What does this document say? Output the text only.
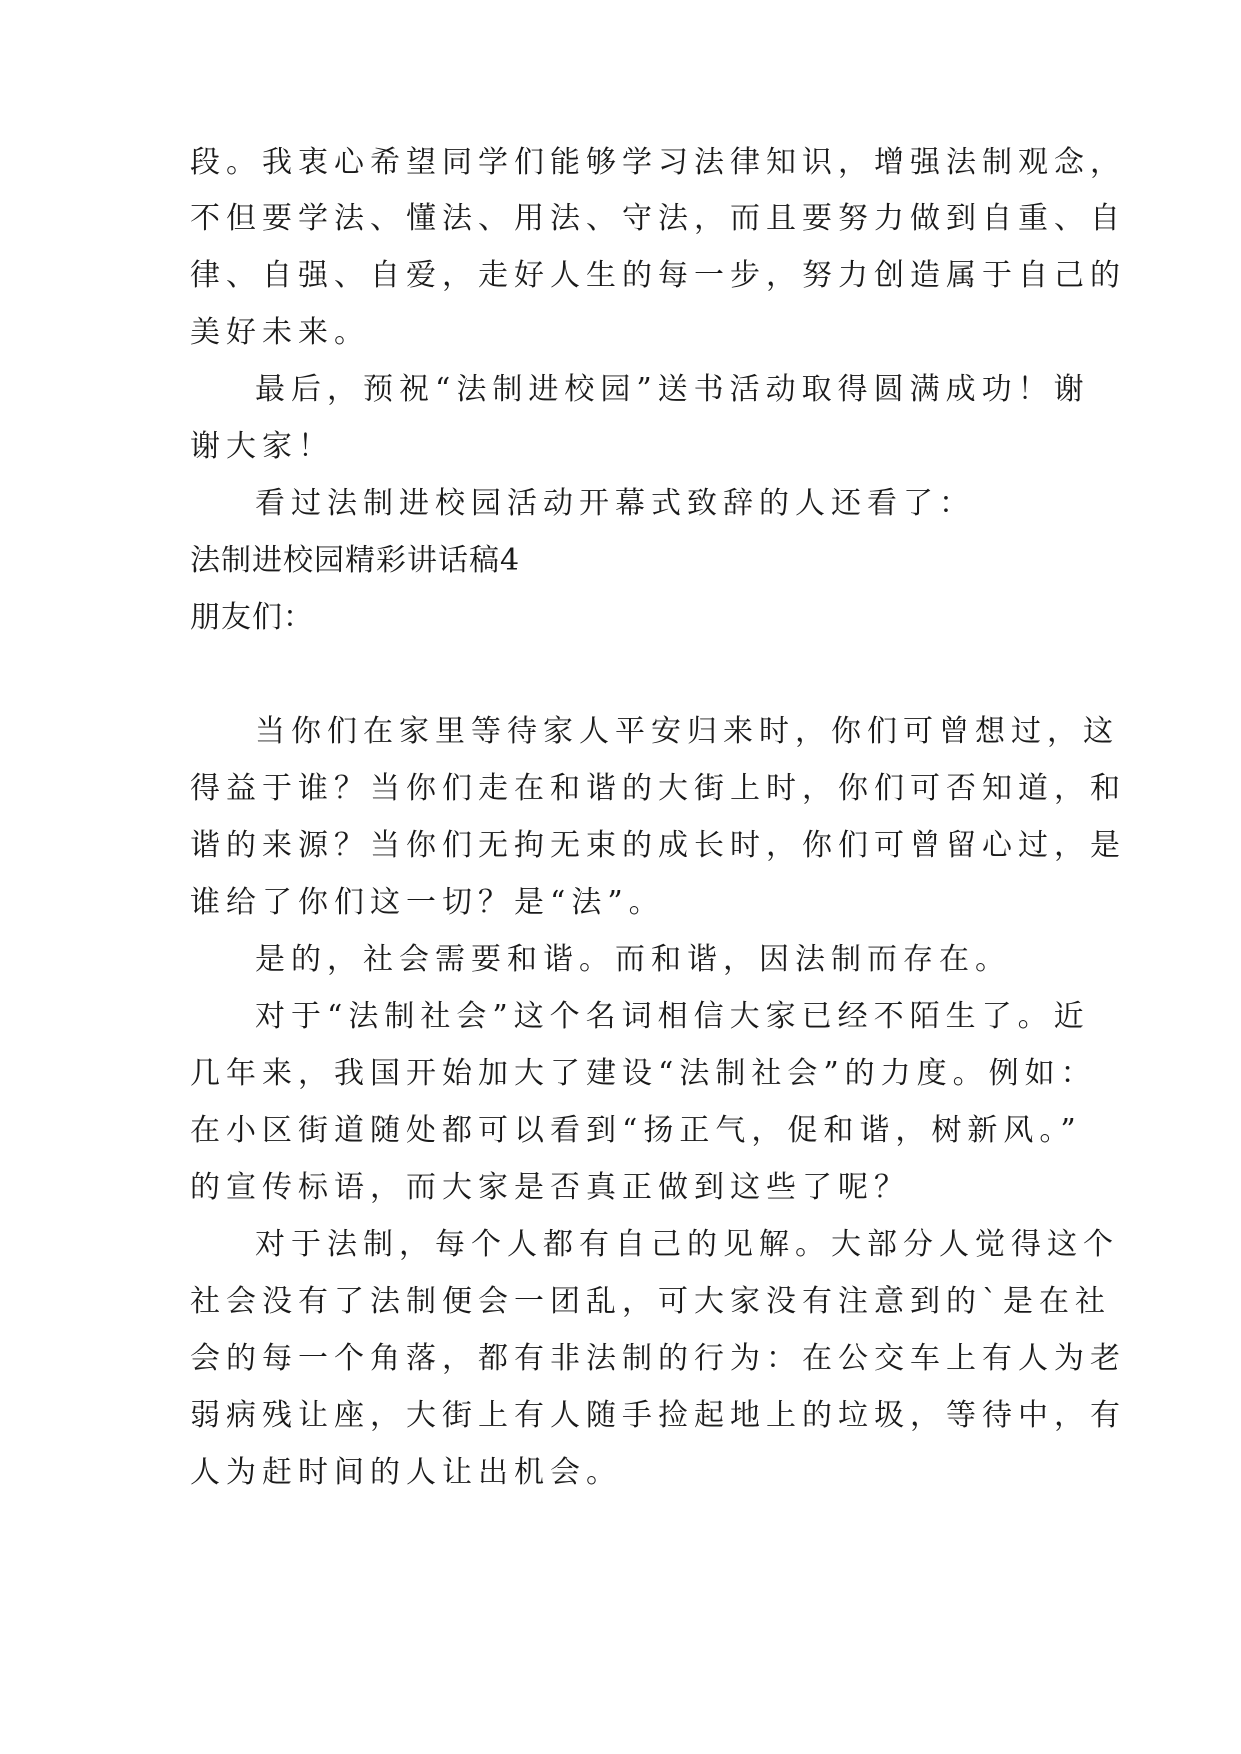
段。我衷心希望同学们能够学习法律知识，增强法制观念，
不但要学法、懂法、用法、守法，而且要努力做到自重、自
律、自强、自爱，走好人生的每一步，努力创造属于自己的
美好未来。
最后，预祝“法制进校园”送书活动取得圆满成功！谢
谢大家！
看过法制进校园活动开幕式致辞的人还看了：
法制进校园精彩讲话稿4
朋友们：
当你们在家里等待家人平安归来时，你们可曾想过，这
得益于谁？当你们走在和谐的大街上时，你们可否知道，和
谐的来源？当你们无拘无束的成长时，你们可曾留心过，是
谁给了你们这一切？是“法”。
是的，社会需要和谐。而和谐，因法制而存在。
对于“法制社会”这个名词相信大家已经不陌生了。近
几年来，我国开始加大了建设“法制社会”的力度。例如：
在小区街道随处都可以看到“扬正气，促和谐，树新风。”
的宣传标语，而大家是否真正做到这些了呢？
对于法制，每个人都有自己的见解。大部分人觉得这个
社会没有了法制便会一团乱，可大家没有注意到的`是在社
会的每一个角落，都有非法制的行为：在公交车上有人为老
弱病残让座，大街上有人随手捡起地上的垃圾，等待中，有
人为赶时间的人让出机会。
